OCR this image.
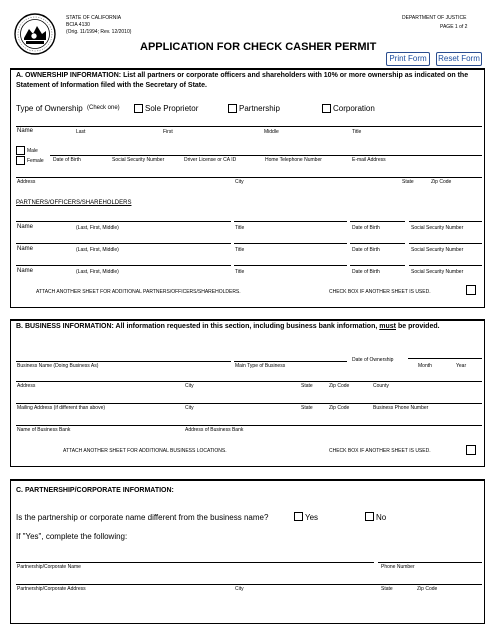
STATE OF CALIFORNIA
BCIA 4130
(Orig. 11/1994; Rev. 12/2010)
DEPARTMENT OF JUSTICE
PAGE 1 of 2
APPLICATION FOR CHECK CASHER PERMIT
Print Form	Reset Form
A. OWNERSHIP INFORMATION: List all partners or corporate officers and shareholders with 10% or more ownership as indicated on the Statement of Information filed with the Secretary of State.
Type of Ownership (Check one)	Sole Proprietor	Partnership	Corporation
Name	Last	First	Middle	Title
Male
Female Date of Birth	Social Security Number	Driver License or CA ID	Home Telephone Number	E-mail Address
Address	City	State	Zip Code
PARTNERS/OFFICERS/SHAREHOLDERS
Name	(Last, First, Middle)	Title	Date of Birth	Social Security Number
Name	(Last, First, Middle)	Title	Date of Birth	Social Security Number
Name	(Last, First, Middle)	Title	Date of Birth	Social Security Number
ATTACH ANOTHER SHEET FOR ADDITIONAL PARTNERS/OFFICERS/SHAREHOLDERS.	CHECK BOX IF ANOTHER SHEET IS USED.
B. BUSINESS INFORMATION: All information requested in this section, including business bank information, must be provided.
Business Name (Doing Business As)	Main Type of Business
Date of Ownership
Month	Year
Address	City	State	Zip Code	County
Mailing Address (if different than above)	City	State	Zip Code	Business Phone Number
Name of Business Bank	Address of Business Bank
ATTACH ANOTHER SHEET FOR ADDITIONAL BUSINESS LOCATIONS.	CHECK BOX IF ANOTHER SHEET IS USED.
C. PARTNERSHIP/CORPORATE INFORMATION:
Is the partnership or corporate name different from the business name?	Yes	No
If "Yes", complete the following:
Partnership/Corporate Name	Phone Number
Partnership/Corporate Address	City	State	Zip Code
